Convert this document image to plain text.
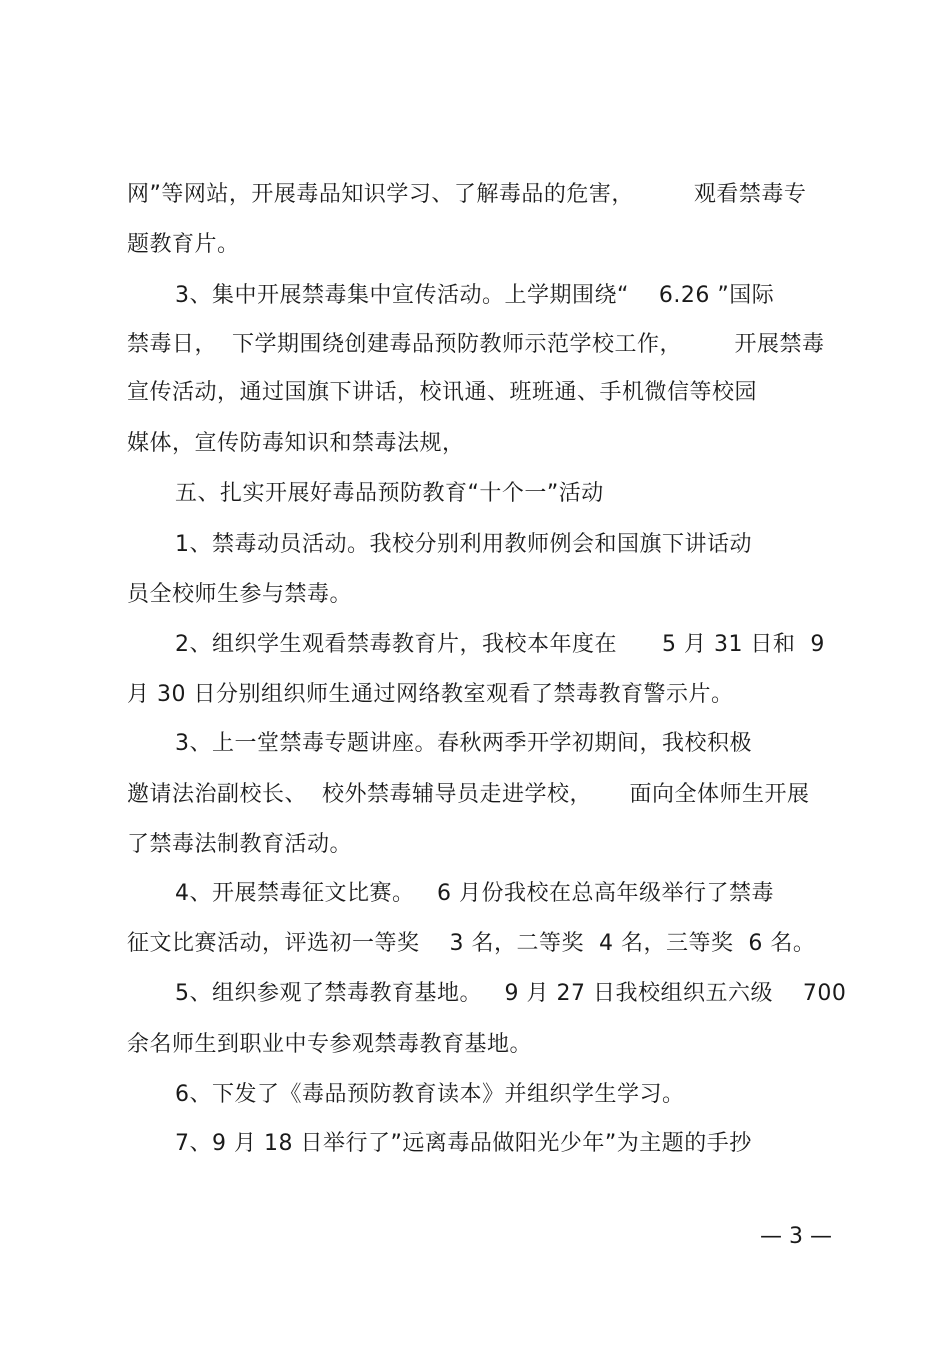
网”等网站，开展毒品知识学习、了解毒品的危害，        观看禁毒专
题教育片。
3、集中开展禁毒集中宣传活动。上学期围绕“    6.26 ”国际
禁毒日，  下学期围绕创建毒品预防教师示范学校工作，       开展禁毒
宣传活动，通过国旗下讲话，校讯通、班班通、手机微信等校园
媒体，宣传防毒知识和禁毒法规，
五、扎实开展好毒品预防教育“十个一”活动
1、禁毒动员活动。我校分别利用教师例会和国旗下讲话动
员全校师生参与禁毒。
2、组织学生观看禁毒教育片，我校本年度在      5 月 31 日和  9
月 30 日分别组织师生通过网络教室观看了禁毒教育警示片。
3、上一堂禁毒专题讲座。春秋两季开学初期间，我校积极
邀请法治副校长、  校外禁毒辅导员走进学校，     面向全体师生开展
了禁毒法制教育活动。
4、开展禁毒征文比赛。   6 月份我校在总高年级举行了禁毒
征文比赛活动，评选初一等奖    3 名，二等奖  4 名，三等奖  6 名。
5、组织参观了禁毒教育基地。   9 月 27 日我校组织五六级    700
余名师生到职业中专参观禁毒教育基地。
6、下发了《毒品预防教育读本》并组织学生学习。
7、9 月 18 日举行了”远离毒品做阳光少年”为主题的手抄
— 3 —
